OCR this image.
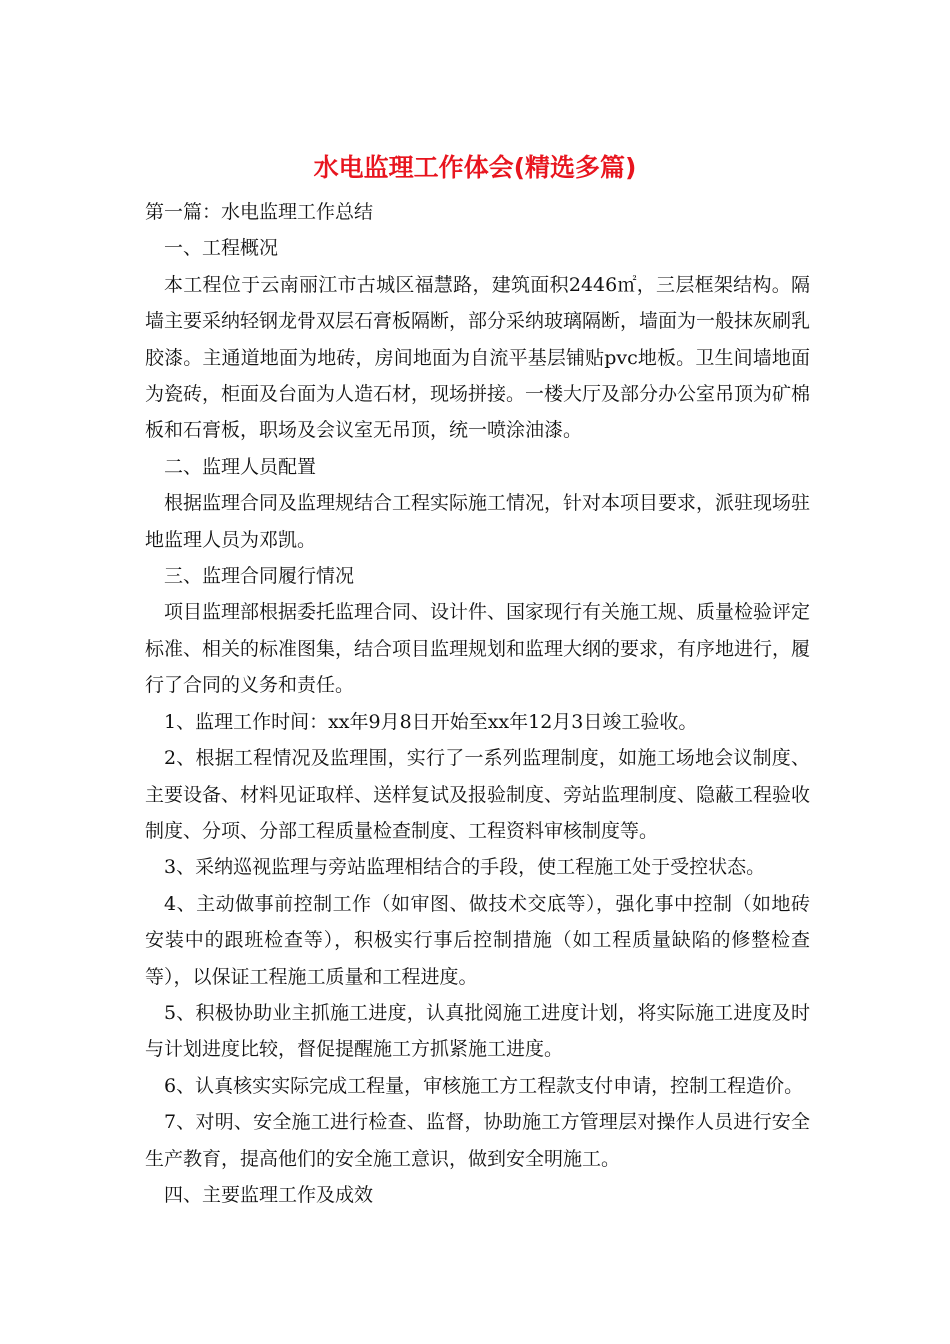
水电监理工作体会(精选多篇)

第一篇：水电监理工作总结

一、工程概况

本工程位于云南丽江市古城区福慧路，建筑面积2446㎡，三层框架结构。隔墙主要采纳轻钢龙骨双层石膏板隔断，部分采纳玻璃隔断，墙面为一般抹灰刷乳胶漆。主通道地面为地砖，房间地面为自流平基层铺贴pvc地板。卫生间墙地面为瓷砖，柜面及台面为人造石材，现场拼接。一楼大厅及部分办公室吊顶为矿棉板和石膏板，职场及会议室无吊顶，统一喷涂油漆。

二、监理人员配置

根据监理合同及监理规结合工程实际施工情况，针对本项目要求，派驻现场驻地监理人员为邓凯。

三、监理合同履行情况

项目监理部根据委托监理合同、设计件、国家现行有关施工规、质量检验评定标准、相关的标准图集，结合项目监理规划和监理大纲的要求，有序地进行，履行了合同的义务和责任。

1、监理工作时间：xx年9月8日开始至xx年12月3日竣工验收。

2、根据工程情况及监理围，实行了一系列监理制度，如施工场地会议制度、主要设备、材料见证取样、送样复试及报验制度、旁站监理制度、隐蔽工程验收制度、分项、分部工程质量检查制度、工程资料审核制度等。

3、采纳巡视监理与旁站监理相结合的手段，使工程施工处于受控状态。

4、主动做事前控制工作（如审图、做技术交底等），强化事中控制（如地砖安装中的跟班检查等），积极实行事后控制措施（如工程质量缺陷的修整检查等），以保证工程施工质量和工程进度。

5、积极协助业主抓施工进度，认真批阅施工进度计划，将实际施工进度及时与计划进度比较，督促提醒施工方抓紧施工进度。

6、认真核实实际完成工程量，审核施工方工程款支付申请，控制工程造价。

7、对明、安全施工进行检查、监督，协助施工方管理层对操作人员进行安全生产教育，提高他们的安全施工意识，做到安全明施工。

四、主要监理工作及成效
